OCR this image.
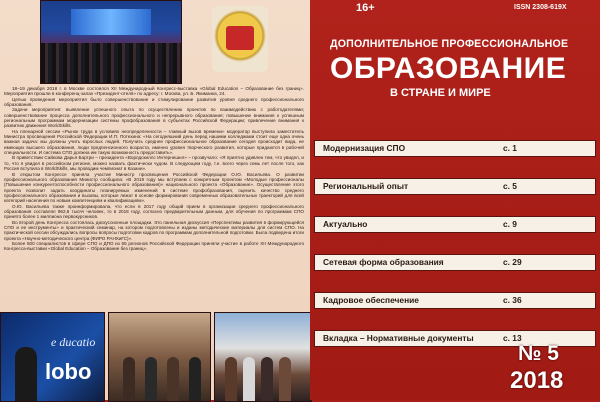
18–19 декабря 2018 г. в Москве состоялся XII Международный Конгресс-выставка «Global Education – Образование без границ». Мероприятия прошли в конференц-залах «Президент-отеля» по адресу: г. Москва, ул. Б. Якиманка, 24.

Целью проведения мероприятия было совершенствование и стимулирование развития уровня среднего профессионального образования.

Задачи мероприятия: выявление успешного опыта по осуществлению проектов по взаимодействию с работодателями; совершенствование процесса дополнительного профессионального и непрерывного образования; повышение внимания к успешным региональным программам модернизации системы профобразования в субъектах Российской Федерации; привлечение внимания к развитию движения WorldSkills.

На пленарной сессии «Рынок труда в условиях неопределенности – главный вызов времени» модератор выступила заместитель Министра просвещения Российской Федерации И.П. Потехина: «На сегодняшний день перед нашими колледжами стоит еще одна очень важная задача: мы должны учить взрослых людей. Получить среднее профессиональное образование сегодня происходит вида, не имеющих высшего образования, люди предпенсионного возраста, именно уровня творческого развития, которые придаются в рабочей специальности. И система СПО должна им такую возможность предоставить».

В приветствии Сайкова Дарья Бартри – президента «Ворлдскиллс Интернешнл» – прозвучало: «Я приятно удивлен тем, что увидел, и то, что я увидел в российском регионе, можно назвать фактически чудом. В следующем году, т.е. всего через семь лет после того, как Россия вступила в WorldSkills, мы проводим чемпионат в Казани».

В открытом Конгрессе приняла участие Министр просвещения Российской Федерации О.Ю. Васильева. О развитии профессионального образования Министр сообщила: «В 2019 году мы вступаем с конкретным проектом «Молодые профессионалы (Повышение конкурентоспособности профессионального образования)» национального проекта «Образование». Осуществление этого проекта позволит задать координаты планируемых изменений в системе профобразования, оценить качество среднего профессионального образования и вызовы, которые лежат в основе формирования современных образовательных траекторий для всей категорий населения по новым компетенциям и квалификациям».

О.Ю. Васильева также проинформировала, что если в 2017 году общий прием в организации среднего профессионального образования составлял 962,8 тысяч человек, то в 2018 году, согласно предварительным данным, для обучения по программам СПО принято более 1 миллиона первокурсников.

Во второй день Конгресса состоялась дискуссионные площадки. Это панельная дискуссия «Перспективы развития в формирующейся СПО и ее инструменты» и практический семинар, на котором подготовлены и изданы методические материалы для систем СПО. На практической сессии обсуждались вопросы вопросы подготовки кадров по программам дополнительной подготовки. Была подведена итоги проекта «Научно-методического центра (ФИРО РАНХиГС)».

Более 500 специалистов в сфере СПО и ДПО из 65 регионов Российской Федерации приняли участие в работе XII Международного Конгресса-выставки «Global Education – Образование без границ».

e ducatio
lobo
16+	ISSN 2308-619X
ДОПОЛНИТЕЛЬНОЕ ПРОФЕССИОНАЛЬНОЕ
ОБРАЗОВАНИЕ
В СТРАНЕ И МИРЕ
Модернизация СПО	с. 1
Региональный опыт	с. 5
Актуально	с. 9
Сетевая форма образования	с. 29
Кадровое обеспечение	с. 36
Вкладка – Нормативные документы	с. 13
№ 5
2018
